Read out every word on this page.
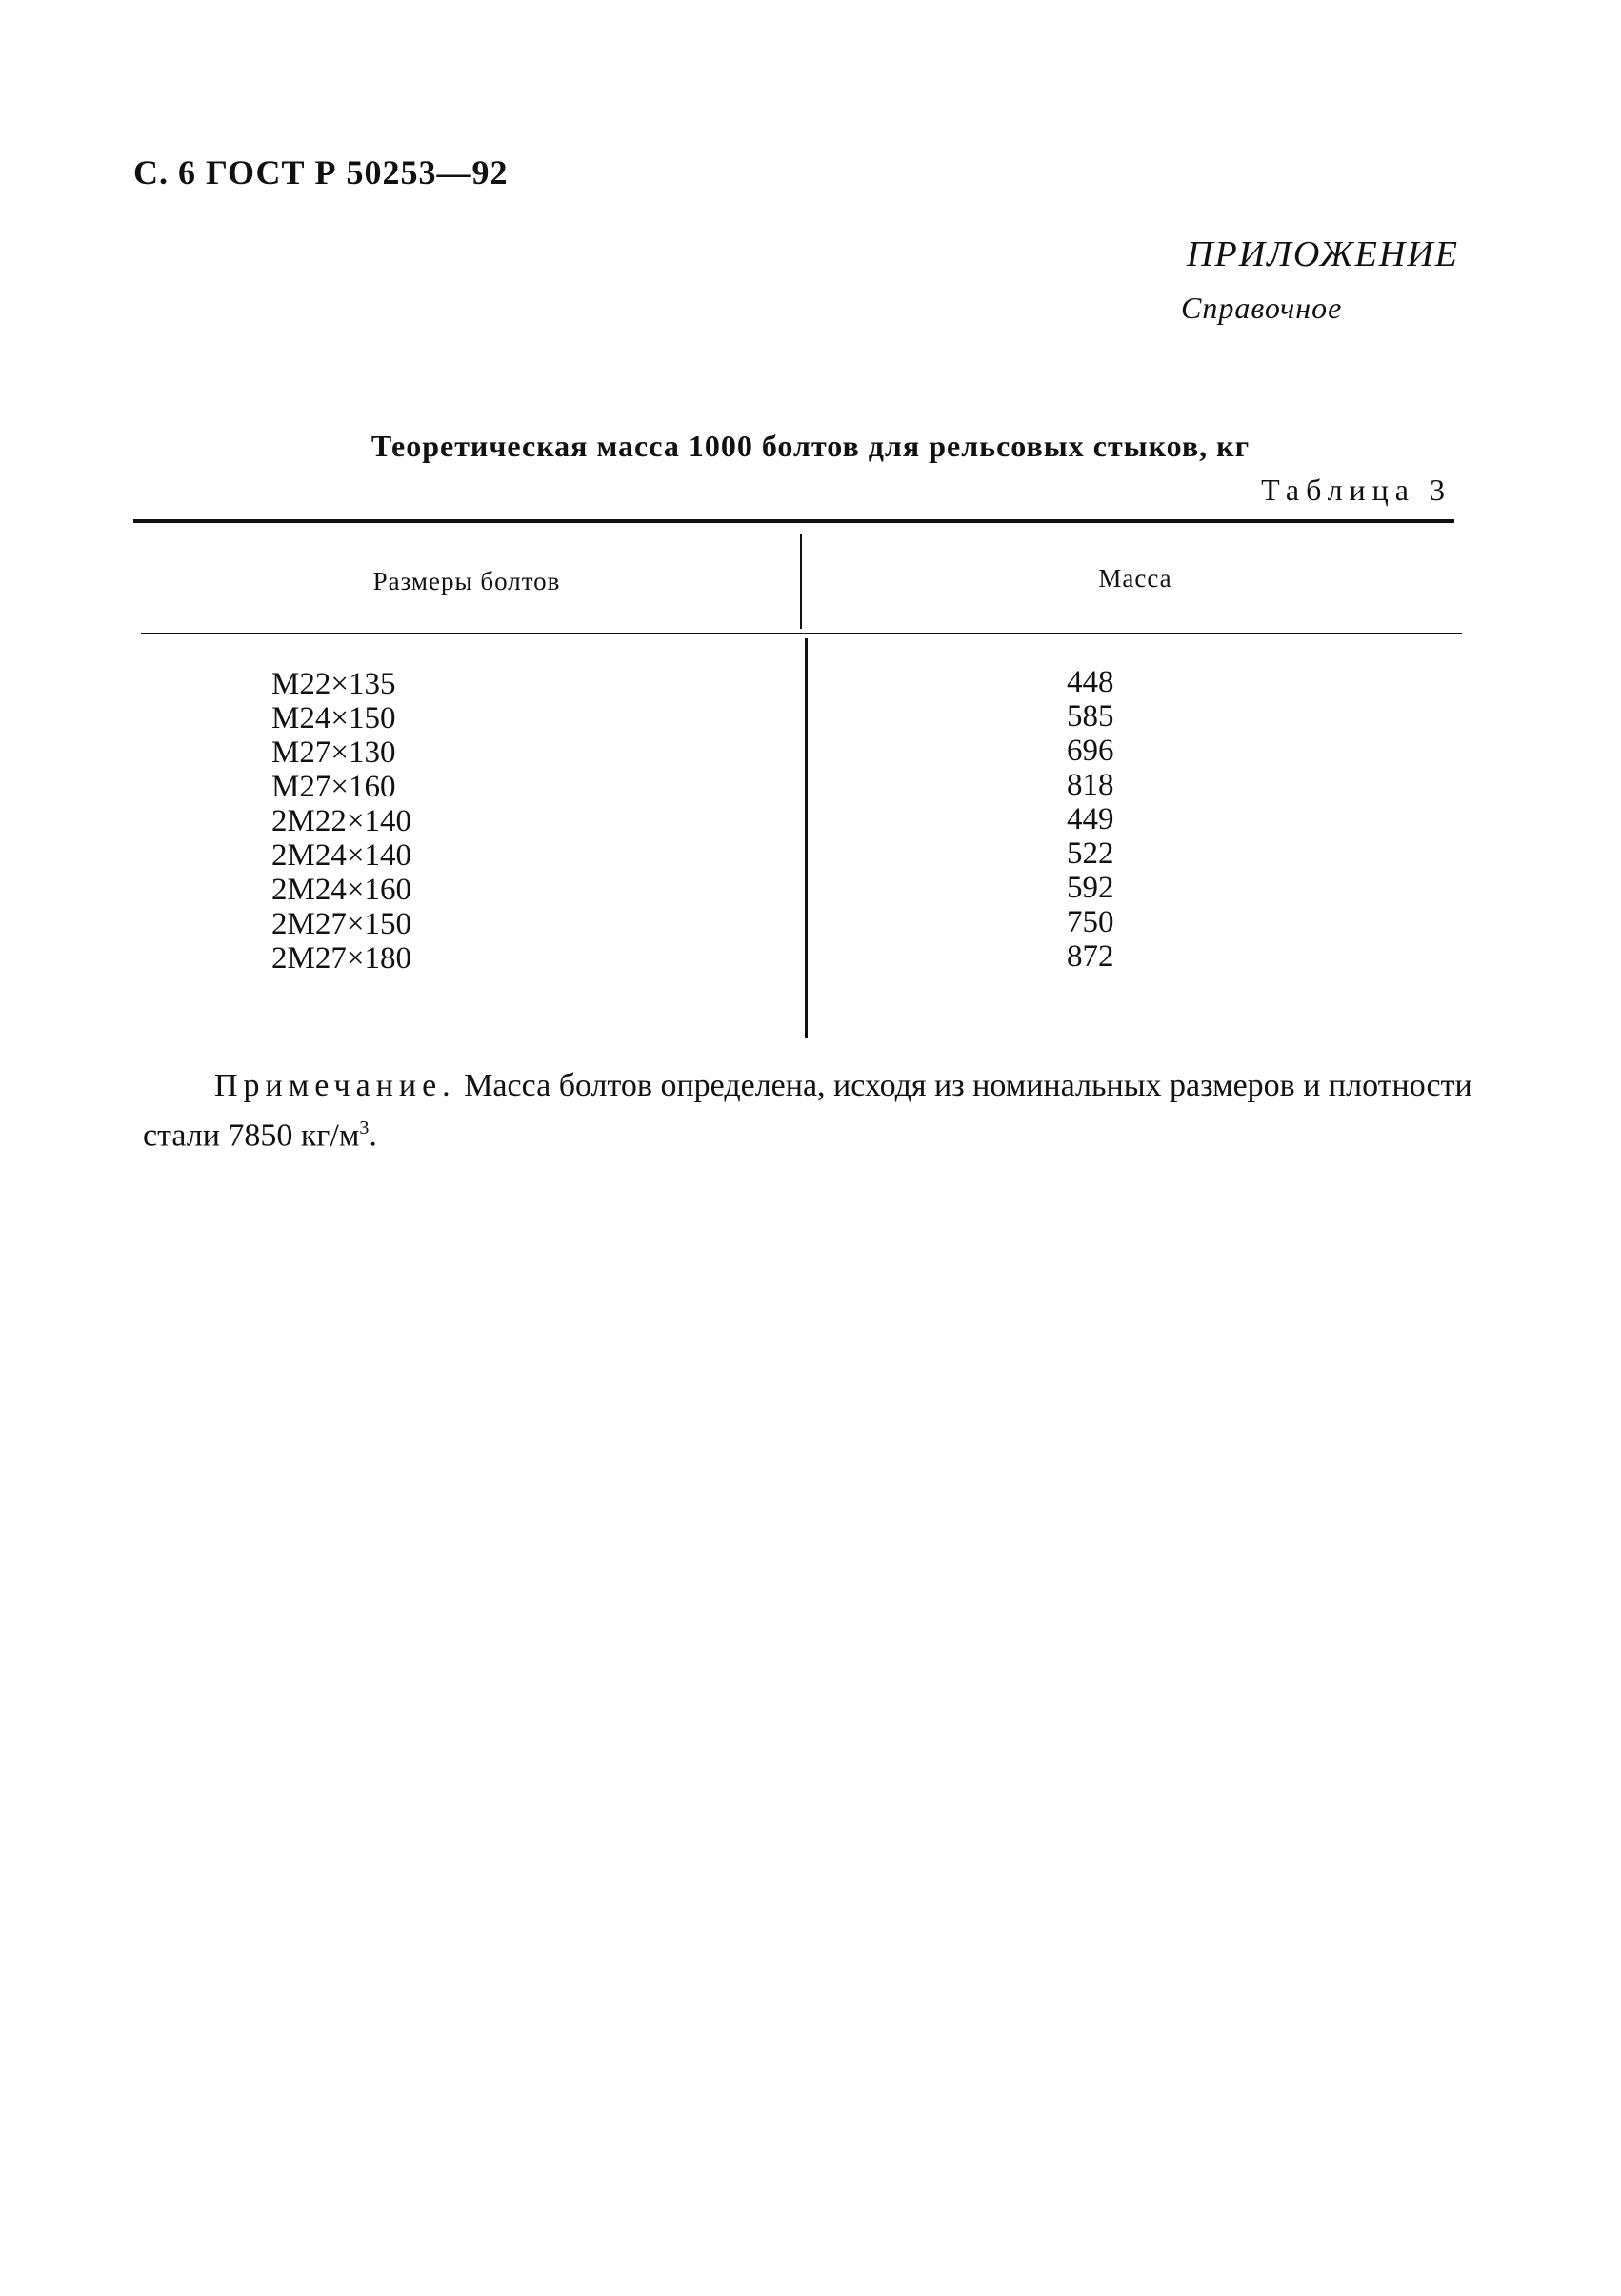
С. 6 ГОСТ Р 50253—92
ПРИЛОЖЕНИЕ
Справочное
Теоретическая масса 1000 болтов для рельсовых стыков, кг
Таблица 3
Размеры болтов	Масса
М22×135
М24×150
М27×130
М27×160
2М22×140
2М24×140
2М24×160
2М27×150
2М27×180
448
585
696
818
449
522
592
750
872
Примечание. Масса болтов определена, исходя из номинальных размеров и плотности стали 7850 $кг/м^3$.
